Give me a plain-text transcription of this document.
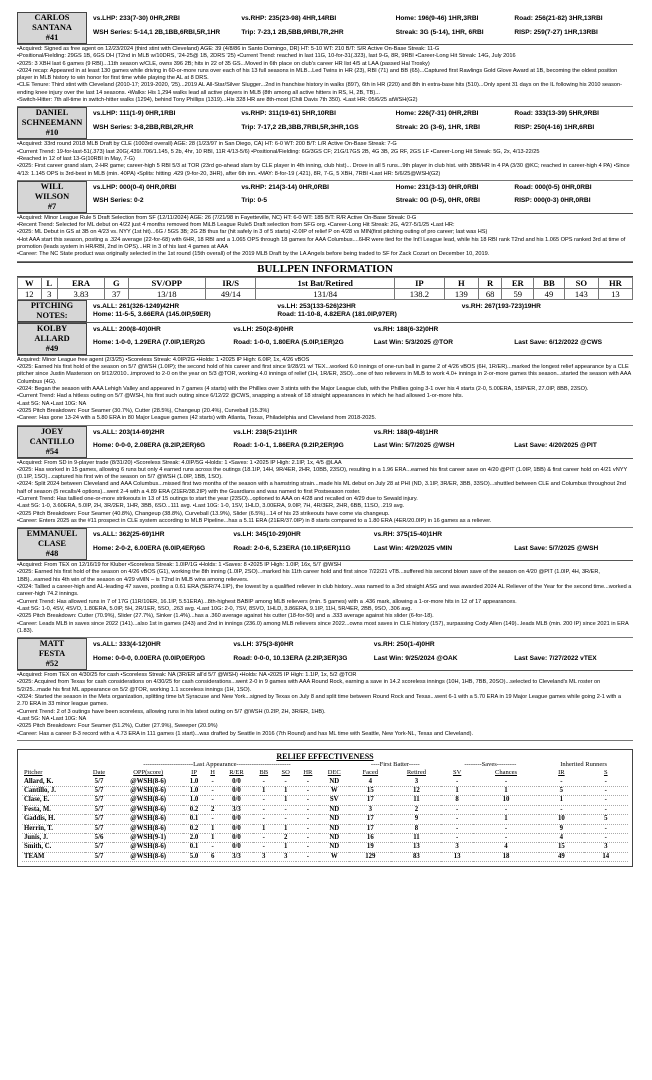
CARLOS
SANTANA
#41
vs.LHP: 233(7-30) 0HR,2RBI	vs.RHP: 235(23-98) 4HR,14RBI	Home: 196(9-46) 1HR,3RBI	Road: 256(21-82) 3HR,13RBI
WSH Series: 5-14,1 2B,1BB,6RBI,5R,1HR	Trip: 7-23,1 2B,5BB,9RBI,7R,2HR	Streak: 3G (5-14), 1HR, 6RBI	RISP: 259(7-27) 1HR,13RBI

•Acquired: Signed as free agent on 12/23/2024 (third stint with Cleveland) AGE: 39 (4/8/86 in Santo Domingo, DR) HT: 5-10 WT: 210 B/T: S/R Active On-Base Streak: 11-G

•Positional/Fielding: 29GS 1B, 6GS DH (T2nd in MLB w/10DRS, '24-25@ 1B, 2DRS '25) •Current Trend: reached in last 11G, 10-for-31(.323), last 9-G, 8R, 9RBI •Career-Long Hit Streak: 14G, July 2016

•2025: 3 XBH last 6 games (9 RBI)...11th season w/CLE, owns 396 2B; hits in 22 of 35 GS...Moved in 6th place on club's career HR list 4/5 at LAA (passed Hal Trosky)

•2024 recap: Appeared in at least 130 games while driving in 60-or-more runs over each of his 13 full seasons in MLB...Led Twins in HR (23), RBI (71) and BB (65)...Captured first Rawlings Gold Glove Award at 1B, becoming the oldest position player in MLB history to win honor for first time while playing the AL at 8 DRS.

•CLE Tenure: Third stint with Cleveland (2010-17; 2019-2020, '25)...2019 AL All-Star/Silver Slugger...2nd in franchise history in walks (897), 6th in HR (220) and 8th in extra-base hits (510)...Only spent 31 days on the IL following his 2010 season-ending knee injury over the last 14 seasons. •Walks: His 1,294 walks lead all active players in MLB (8th among all active hitters in RS, H, 2B, TB)...

•Switch-Hitter: 7th all-time in switch-hitter walks (1294), behind Tony Phillips (1319)...His 328 HR are 8th-most (Chili Davis 7th 350). •Last HR: 05/6/25 atWSH(G2)

DANIEL
SCHNEEMANN
#10
vs.LHP: 111(1-9) 0HR,1RBI	vs.RHP: 311(19-61) 5HR,10RBI	Home: 226(7-31) 0HR,2RBI	Road: 333(13-39) 5HR,9RBI
WSH Series: 3-8,2BB,RBI,2R,HR	Trip: 7-17,2 2B,3BB,7RBI,5R,3HR,1GS	Streak: 2G (3-6), 1HR, 1RBI	RISP: 250(4-16) 1HR,6RBI

•Acquired: 33rd round 2018 MLB Draft by CLE (1003rd overall) AGE: 28 (1/23/97 in San Diego, CA) HT: 6-0 WT: 200 B/T: L/R Active On-Base Streak: 7-G

•Current Trend: 19-for-last-51(.373) last 20G(.439/.706/1.145, 5 2b, 4hr, 10 RBI, 11R 4/13-5/6) •Positional/Fielding: 6G/3GS CF; 21G/17GS 2B, 4G 3B, 2G RF, 2GS LF •Career-Long Hit Streak: 5G, 2x, 4/13-22/25

•Reached in 12 of last 13-G(10RBI in May, 7-G)

•2025: First career grand slam, 2-HR game; career-high 5 RBI 5/3 at TOR (23rd go-ahead slam by CLE player in 4th inning, club hist)... Drove in all 5 runs...9th player in club hist. with 3BB/HR in 4 PA (3/30 @KC; reached in career-high 4 PA) •Since 4/13: 1.145 OPS is 3rd-best in MLB (min. 40PA) •Splits: hitting .429 (9-for-20, 3HR), after 6th inn. •MAY: 8-for-19 (.421), 8R, 7-G, 5 XBH, 7RBI •Last HR: 5/6/25@WSH(G2)

WILL
WILSON
#7
vs.LHP: 000(0-4) 0HR,0RBI	vs.RHP: 214(3-14) 0HR,0RBI	Home: 231(3-13) 0HR,0RBI	Road: 000(0-5) 0HR,0RBI
WSH Series: 0-2	Trip: 0-5	Streak: 0G (0-5), 0HR, 0RBI	RISP: 000(0-3) 0HR,0RBI

•Acquired: Minor League Rule 5 Draft Selection from SF (12/11/2024) AGE: 26 (7/21/98 in Fayetteville, NC) HT: 6-0 WT: 185 B/T: R/R Active On-Base Streak: 0-G

•Recent Trend: Selected for ML debut on 4/22 just 4 months removed from MiLB League Rule5 Draft selection from SFG org. •Career-Long Hit Streak: 2G, 4/27-5/1/25 •Last HR:

•2025: ML Debut in GS at 3B on 4/23 vs. NYY (1st hit)...6G / 5GS 3B; 2G 2B thus far (hit safely in 3 of 5 starts) •2.0IP of relief P on 4/28 vs MIN(first pitching outing of pro career; last was HS)

•Hot AAA start this season, posting a .324 average (22-for-68) with 6HR, 18 RBI and a 1.065 OPS through 18 games for AAA Columbus....6HR were tied for the Int'l League lead, while his 18 RBI rank T2nd and his 1.065 OPS ranked 3rd at time of promotion (leads system in HR/RBI, 2nd in OPS)...HR in 3 of his last 4 games at AAA

•Career: The NC State product was originally selected in the 1st round (15th overall) of the 2019 MLB Draft by the LA Angels before being traded to SF for Zack Cozart on December 10, 2019.

BULLPEN INFORMATION
W	L	ERA	G	SV/OPP	IR/S	1st Bat/Retired	IP	H	R	ER	BB	SO	HR
12	3	3.83	37	13/18	49/14	131/84	138.2	139	68	59	49	143	13
PITCHING
NOTES:
vs.ALL: 261(326-1249)42HR	vs.LH: 253(133-526)23HR	vs.RH: 267(193-723)19HR
Home: 11-5-5, 3.66ERA (145.0IP,59ER)	Road: 11-10-8, 4.82ERA (181.0IP,97ER)
KOLBY
ALLARD
#49
vs.ALL: 200(8-40)0HR	vs.LH: 250(2-8)0HR	vs.RH: 188(6-32)0HR
Home: 1-0-0, 1.29ERA (7.0IP,1ER)2G	Road: 1-0-0, 1.80ERA (5.0IP,1ER)2G	Last Win: 5/3/2025 @TOR	Last Save: 6/12/2022 @CWS

Acquired: Minor League free agent (2/3/25) •Scoreless Streak: 4.0IP/2G •Holds: 1 •2025 IP High: 6.0IP, 1x, 4/26 vBOS

•2025: Earned his first hold of the season on 5/7 @WSH (1.0IP); the second hold of his career and first since 9/28/21 w/ TEX...worked 6.0 innings of one-run ball in game 2 of 4/26 vBOS (6H, 1R/ER)...marked the longest relief appearance by a CLE pitcher since Justin Masterson on 9/12/2010...improved to 2-0 on the year on 5/3 @TOR, working 4.0 innings of relief (1H, 1R/ER, 3SO)...one of two relievers in MLB to work 4.0+ innings in 2-or-more games this season...started the season with AAA Columbus (4G).

•2024: Began the season with AAA Lehigh Valley and appeared in 7 games (4 starts) with the Phillies over 3 stints with the Major League club, with the Phillies going 3-1 over his 4 starts (2-0, 5.00ERA, 15IP/ER, 27.0IP, 8BB, 23SO).

•Current Trend: Had a hitless outing on 5/7 @WSH, his first such outing since 6/12/22 @CWS, snapping a streak of 18 straight appearances in which he had allowed 1-or-more hits.

•Last 5G: NA •Last 10G: NA

•2025 Pitch Breakdown: Four Seamer (30.7%), Cutter (28.5%), Changeup (20.4%), Curveball (15.3%)

•Career: Has gone 13-24 with a 5.80 ERA in 80 Major League games (42 starts) with Atlanta, Texas, Philadelphia and Cleveland from 2018-2025.

JOEY
CANTILLO
#54
vs.ALL: 203(14-69)2HR	vs.LH: 238(5-21)1HR	vs.RH: 188(9-48)1HR
Home: 0-0-0, 2.08ERA (8.2IP,2ER)6G	Road: 1-0-1, 1.86ERA (9.2IP,2ER)9G	Last Win: 5/7/2025 @WSH	Last Save: 4/20/2025 @PIT

•Acquired: From SD in 9-player trade (8/31/20) •Scoreless Streak: 4.0IP/5G •Holds: 1 •Saves: 1 •2025 IP High: 2.1IP, 1x, 4/5 @LAA

•2025: Has worked in 15 games, allowing 6 runs but only 4 earned runs across the outings (18.1IP, 14H, 9R/4ER, 2HR, 10BB, 23SO), resulting in a 1.96 ERA...earned his first career save on 4/20 @PIT (1.0IP, 1BB) & first career hold on 4/21 vNYY (0.1IP, 1SO)...captured his first win of the season on 5/7 @WSH (1.0IP, 1BB, 1SO).

•2024: Split 2024 between Cleveland and AAA Columbus...missed first two months of the season with a hamstring strain...made his ML debut on July 28 at PHI (ND, 3.1IP, 3R/ER, 3BB, 33SO)...shuttled between CLE and Columbus throughout 2nd half of season (5 recalls/4 options)...went 2-4 with a 4.89 ERA (21ER/38.2IP) with the Guardians and was named to first Postseason roster.

•Current Trend: Has tallied one-or-more strikeouts in 13 of 15 outings to start the year (23SO)...optioned to AAA on 4/28 and recalled on 4/29 due to Sewald injury.

•Last 5G: 1-0, 3.60ERA, 5.0IP, 2H, 3R/2ER, 1HR, 3BB, 6SO...111 avg. •Last 10G: 1-0, 1SV, 1HLD, 3.00ERA, 9.0IP, 7H, 4R/3ER, 2HR, 6BB, 11SO, .219 avg.

•2025 Pitch Breakdown: Four Seamer (40.8%), Changeup (38.8%), Curveball (13.9%), Slider (6.5%)...14 of his 23 strikeouts have come via changeup.

•Career: Enters 2025 as the #11 prospect in CLE system according to MLB Pipeline...has a 5.11 ERA (21ER/37.0IP) in 8 starts compared to a 1.80 ERA (4ER/20.0IP) in 16 games as a reliever.

EMMANUEL
CLASE
#48
vs.ALL: 362(25-69)1HR	vs.LH: 345(10-29)0HR	vs.RH: 375(15-40)1HR
Home: 2-0-2, 6.00ERA (6.0IP,4ER)6G	Road: 2-0-6, 5.23ERA (10.1IP,6ER)11G	Last Win: 4/29/2025 vMIN	Last Save: 5/7/2025 @WSH

•Acquired: From TEX on 12/16/19 for Kluber •Scoreless Streak: 1.0IP/1G •Holds: 1 •Saves: 8 •2025 IP High: 1.0IP, 16x, 5/7 @WSH

•2025: Earned his first hold of the season on 4/26 vBOS (G1), working the 8th inning (1.0IP, 2SO)...marked his 11th career hold and first since 7/22/21 vTB...suffered his second blown save of the season on 4/20 @PIT (1.0IP, 4H, 3R/ER, 1BB)...earned his 4th win of the season on 4/29 vMIN – is T2nd in MLB wins among relievers.

•2024: Tallied a career-high and AL-leading 47 saves, posting a 0.61 ERA (5ER/74.1IP), the lowest by a qualified reliever in club history...was named to a 3rd straight ASG and was awarded 2024 AL Reliever of the Year for the second time...worked a career-high 74.2 innings.

•Current Trend: Has allowed runs in 7 of 17G (11R/10ER, 16.1IP, 5.51ERA)...8th-highest BABIP among MLB relievers (min. 5 games) with a .436 mark, allowing a 1-or-more hits in 12 of 17 appearances.

•Last 5G: 1-0, 4SV, 4SVO, 1.80ERA, 5.0IP, 5H, 2R/1ER, 5SO, .263 avg. •Last 10G: 2-0, 7SV, 8SVO, 1HLD, 3.86ERA, 9.1IP, 11H, 5R/4ER, 2BB, 9SO, .306 avg.

•2025 Pitch Breakdown: Cutter (70.9%), Slider (27.7%), Sinker (1.4%)...has a .360 average against his cutter (18-for-50) and a .333 average against his slider (6-for-18).

•Career: Leads MLB in saves since 2022 (141)...also 1st in games (243) and 2nd in innings (236.0) among MLB relievers since 2022...owns most saves in CLE history (157), surpassing Cody Allen (149)...leads MLB (min. 200 IP) since 2021 in ERA (1.83).

MATT
FESTA
#52
vs.ALL: 333(4-12)0HR	vs.LH: 375(3-8)0HR	vs.RH: 250(1-4)0HR
Home: 0-0-0, 0.00ERA (0.0IP,0ER)0G	Road: 0-0-0, 10.13ERA (2.2IP,3ER)3G	Last Win: 9/25/2024 @OAK	Last Save: 7/27/2022 vTEX

•Acquired: From TEX on 4/30/25 for cash •Scoreless Streak: NA (3R/ER all'd 5/7 @WSH) •Holds: NA •2025 IP High: 1.1IP, 1x, 5/2 @TOR

•2025: Acquired from Texas for cash considerations on 4/30/25 for cash considerations...went 2-0 in 9 games with AAA Round Rock, earning a save in 14.2 scoreless innings (10H, 1HB, 7BB, 20SO)...selected to Cleveland's ML roster on 5/2/25...made his first ML appearance on 5/2 @TOR, working 1.1 scoreless innings (1H, 1SO).

•2024: Started the season in the Mets organization, splitting time b/t Syracuse and New York...signed by Texas on July 8 and split time between Round Rock and Texas...went 6-1 with a 5.70 ERA in 19 Major League games while going 2-1 with a 2.70 ERA in 33 minor league games.

•Current Trend: 2 of 3 outings have been scoreless, allowing runs in his latest outing on 5/7 @WSH (0.2IP, 2H, 3R/ER, 1HB).

•Last 5G: NA •Last 10G: NA

•2025 Pitch Breakdown: Four Seamer (51.2%), Cutter (27.9%), Sweeper (20.9%)

•Career: Has a career 8-3 record with a 4.73 ERA in 111 games (1 start)...was drafted by Seattle in 2016 (7th Round) and has ML time with Seattle, New York-NL, Texas and Cleveland).

RELIEF EFFECTIVENESS
	-----------------------Last Appearance-------------------------									----First Batter-----		--------Saves---------		Inherited Runners	
Pitcher	Date	OPP(score)	IP	H	R/ER	BB	SO	HR	DEC	Faced	Retired	SV	Chances	IR	S
Allard, K.	5/7	@WSH(8-6)	1.0	-	0/0	-	-	-	ND	4	3	-	-	-	-
Cantillo, J.	5/7	@WSH(8-6)	1.0	-	0/0	1	1	-	W	15	12	1	1	5	-
Clase, E.	5/7	@WSH(8-6)	1.0	-	0/0	-	1	-	SV	17	11	8	10	1	-
Festa, M.	5/7	@WSH(8-6)	0.2	2	3/3	-	-	-	ND	3	2	-	-	-	-
Gaddis, H.	5/7	@WSH(8-6)	0.1	-	0/0	-	-	-	ND	17	9	-	1	10	5
Herrin, T.	5/7	@WSH(8-6)	0.2	1	0/0	1	1	-	ND	17	8	-	-	9	-
Junis, J.	5/6	@WSH(9-1)	2.0	1	0/0	-	2	-	ND	16	11	-	-	4	-
Smith, C.	5/7	@WSH(8-6)	0.1	-	0/0	-	1	-	ND	19	13	3	4	15	3
TEAM	5/7	@WSH(8-6)	5.0	6	3/3	3	3	-	W	129	83	13	18	49	14
